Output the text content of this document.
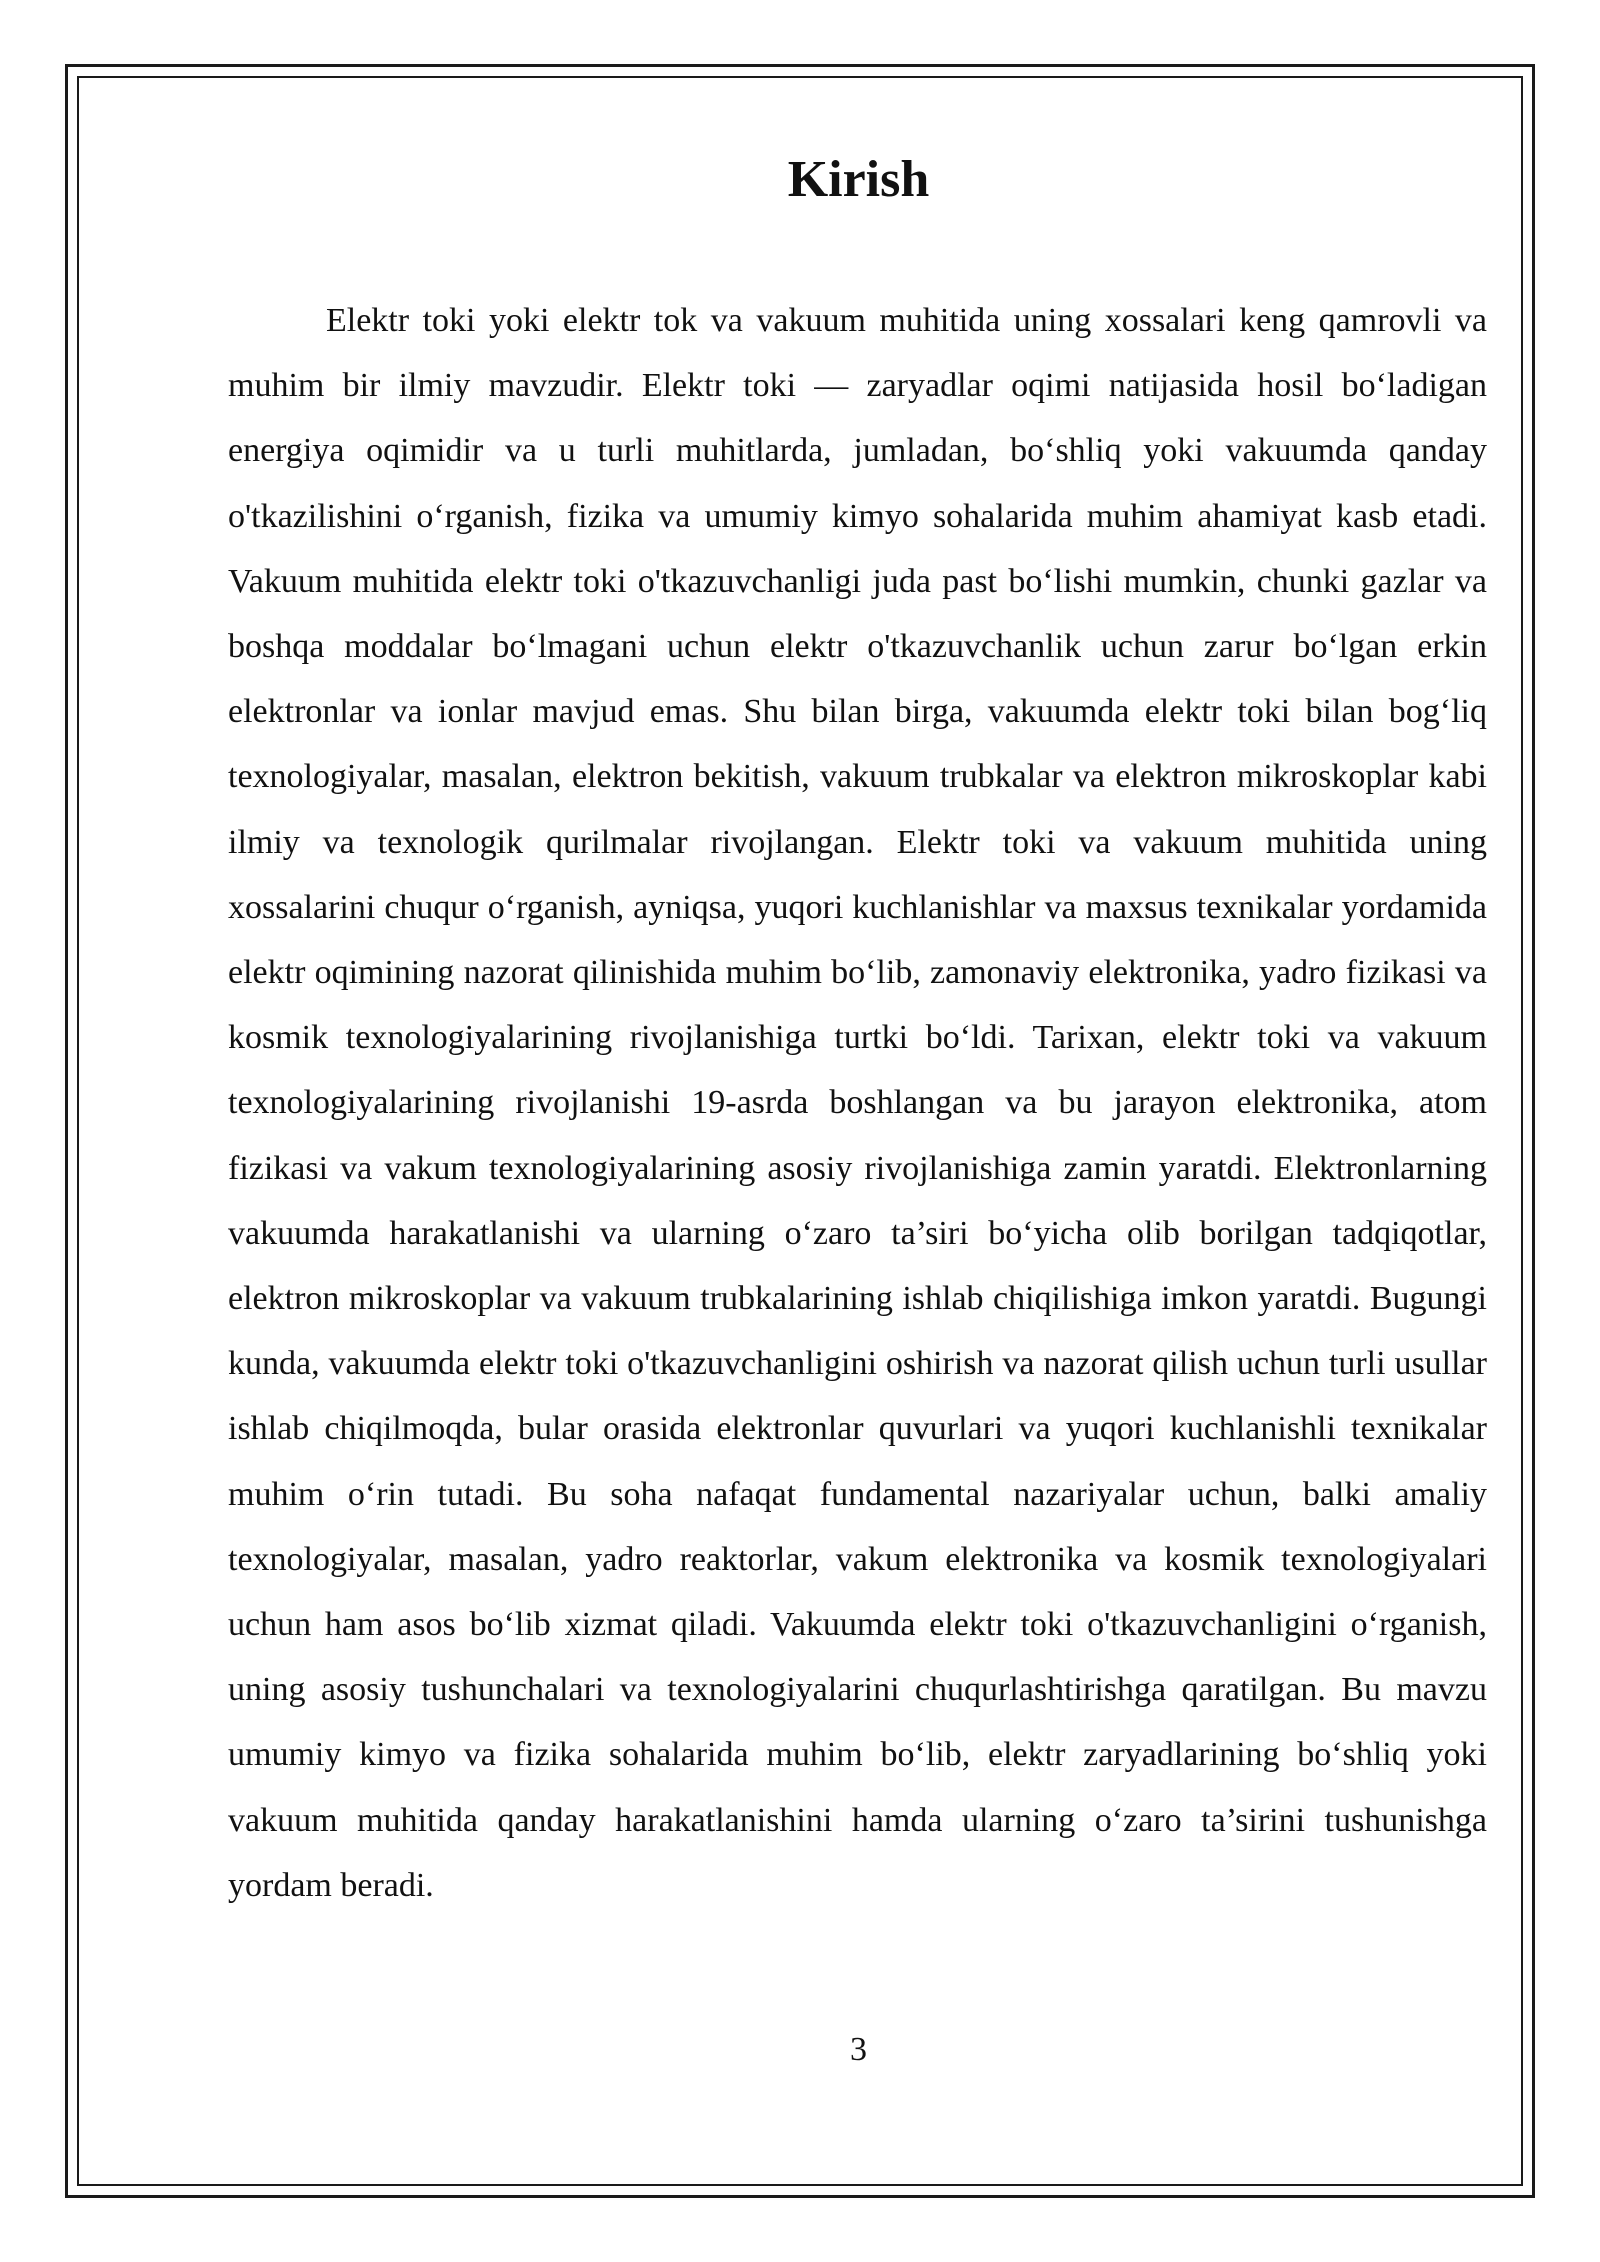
Kirish

Elektr toki yoki elektr tok va vakuum muhitida uning xossalari keng qamrovli va muhim bir ilmiy mavzudir. Elektr toki — zaryadlar oqimi natijasida hosil bo‘ladigan energiya oqimidir va u turli muhitlarda, jumladan, bo‘shliq yoki vakuumda qanday o'tkazilishini o‘rganish, fizika va umumiy kimyo sohalarida muhim ahamiyat kasb etadi. Vakuum muhitida elektr toki o'tkazuvchanligi juda past bo‘lishi mumkin, chunki gazlar va boshqa moddalar bo‘lmagani uchun elektr o'tkazuvchanlik uchun zarur bo‘lgan erkin elektronlar va ionlar mavjud emas. Shu bilan birga, vakuumda elektr toki bilan bog‘liq texnologiyalar, masalan, elektron bekitish, vakuum trubkalar va elektron mikroskoplar kabi ilmiy va texnologik qurilmalar rivojlangan. Elektr toki va vakuum muhitida uning xossalarini chuqur o‘rganish, ayniqsa, yuqori kuchlanishlar va maxsus texnikalar yordamida elektr oqimining nazorat qilinishida muhim bo‘lib, zamonaviy elektronika, yadro fizikasi va kosmik texnologiyalarining rivojlanishiga turtki bo‘ldi. Tarixan, elektr toki va vakuum texnologiyalarining rivojlanishi 19-asrda boshlangan va bu jarayon elektronika, atom fizikasi va vakum texnologiyalarining asosiy rivojlanishiga zamin yaratdi. Elektronlarning vakuumda harakatlanishi va ularning o‘zaro ta’siri bo‘yicha olib borilgan tadqiqotlar, elektron mikroskoplar va vakuum trubkalarining ishlab chiqilishiga imkon yaratdi. Bugungi kunda, vakuumda elektr toki o'tkazuvchanligini oshirish va nazorat qilish uchun turli usullar ishlab chiqilmoqda, bular orasida elektronlar quvurlari va yuqori kuchlanishli texnikalar muhim o‘rin tutadi. Bu soha nafaqat fundamental nazariyalar uchun, balki amaliy texnologiyalar, masalan, yadro reaktorlar, vakum elektronika va kosmik texnologiyalari uchun ham asos bo‘lib xizmat qiladi. Vakuumda elektr toki o'tkazuvchanligini o‘rganish, uning asosiy tushunchalari va texnologiyalarini chuqurlashtirishga qaratilgan. Bu mavzu umumiy kimyo va fizika sohalarida muhim bo‘lib, elektr zaryadlarining bo‘shliq yoki vakuum muhitida qanday harakatlanishini hamda ularning o‘zaro ta’sirini tushunishga yordam beradi.

3
